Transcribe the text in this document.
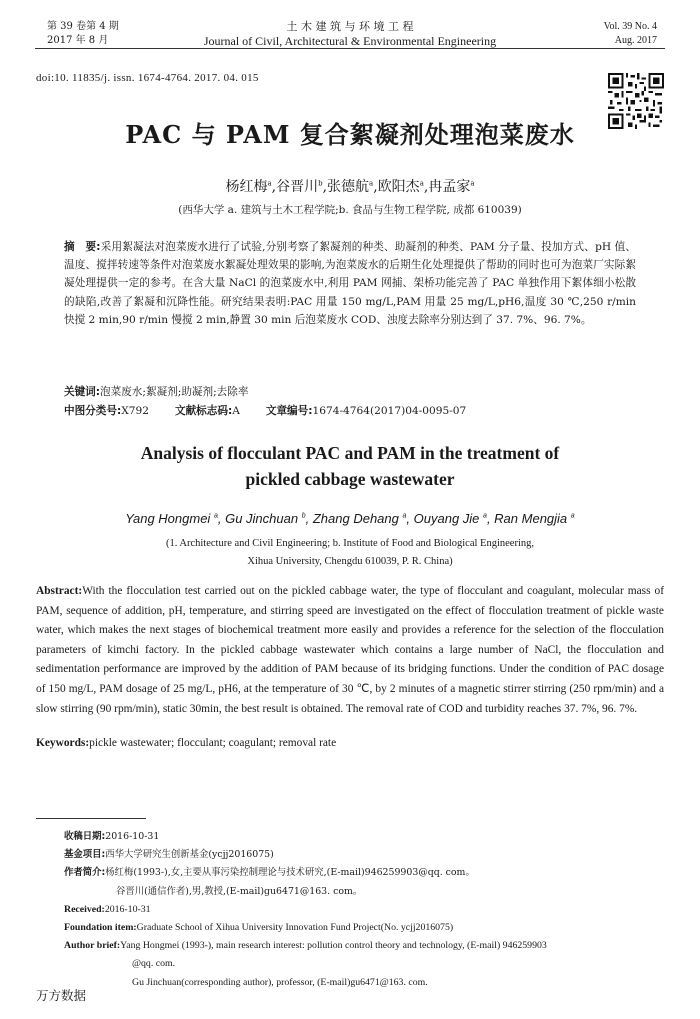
第 39 卷第 4 期
2017 年 8 月
土 木 建 筑 与 环 境 工 程
Journal of Civil, Architectural & Environmental Engineering
Vol. 39 No. 4
Aug. 2017
doi:10. 11835/j. issn. 1674-4764. 2017. 04. 015
PAC 与 PAM 复合絮凝剂处理泡菜废水
杨红梅$^a$,谷晋川$^b$,张德航$^a$,欧阳杰$^a$,冉孟家$^a$
(西华大学 a. 建筑与土木工程学院;b. 食品与生物工程学院, 成都 610039)
摘　要:采用絮凝法对泡菜废水进行了试验,分别考察了絮凝剂的种类、助凝剂的种类、PAM 分子量、投加方式、pH 值、温度、搅拌转速等条件对泡菜废水絮凝处理效果的影响,为泡菜废水的后期生化处理提供了帮助的同时也可为泡菜厂实际絮凝处理提供一定的参考。在含大量 NaCl 的泡菜废水中,利用 PAM 网捕、架桥功能完善了 PAC 单独作用下絮体细小松散的缺陷,改善了絮凝和沉降性能。研究结果表明:PAC 用量 150 mg/L,PAM 用量 25 mg/L,pH6,温度 30 ℃,250 r/min 快搅 2 min,90 r/min 慢搅 2 min,静置 30 min 后泡菜废水 COD、浊度去除率分别达到了 37. 7%、96. 7%。
关键词:泡菜废水;絮凝剂;助凝剂;去除率
中图分类号:X792 文献标志码:A 文章编号:1674-4764(2017)04-0095-07
Analysis of flocculant PAC and PAM in the treatment of
pickled cabbage wastewater
Yang Hongmei $^a$, Gu Jinchuan $^b$, Zhang Dehang $^a$, Ouyang Jie $^a$, Ran Mengjia $^a$
(1. Architecture and Civil Engineering; b. Institute of Food and Biological Engineering,
Xihua University, Chengdu 610039, P. R. China)
Abstract:With the flocculation test carried out on the pickled cabbage water, the type of flocculant and coagulant, molecular mass of PAM, sequence of addition, pH, temperature, and stirring speed are investigated on the effect of flocculation treatment of pickle waste water, which makes the next stages of biochemical treatment more easily and provides a reference for the selection of the flocculation parameters of kimchi factory. In the pickled cabbage wastewater which contains a large number of NaCl, the flocculation and sedimentation performance are improved by the addition of PAM because of its bridging functions. Under the condition of PAC dosage of 150 mg/L, PAM dosage of 25 mg/L, pH6, at the temperature of 30 ℃, by 2 minutes of a magnetic stirrer stirring (250 rpm/min) and a slow stirring (90 rpm/min), static 30min, the best result is obtained. The removal rate of COD and turbidity reaches 37. 7%, 96. 7%.
Keywords:pickle wastewater; flocculant; coagulant; removal rate
收稿日期:2016-10-31
基金项目:西华大学研究生创新基金(ycjj2016075)
作者简介:杨红梅(1993-),女,主要从事污染控制理论与技术研究,(E-mail)946259903@qq. com。
谷晋川(通信作者),男,教授,(E-mail)gu6471@163. com。
Received:2016-10-31
Foundation item:Graduate School of Xihua University Innovation Fund Project(No. ycjj2016075)
Author brief:Yang Hongmei (1993-), main research interest: pollution control theory and technology, (E-mail) 946259903
@qq. com.
Gu Jinchuan(corresponding author), professor, (E-mail)gu6471@163. com.
万方数据
